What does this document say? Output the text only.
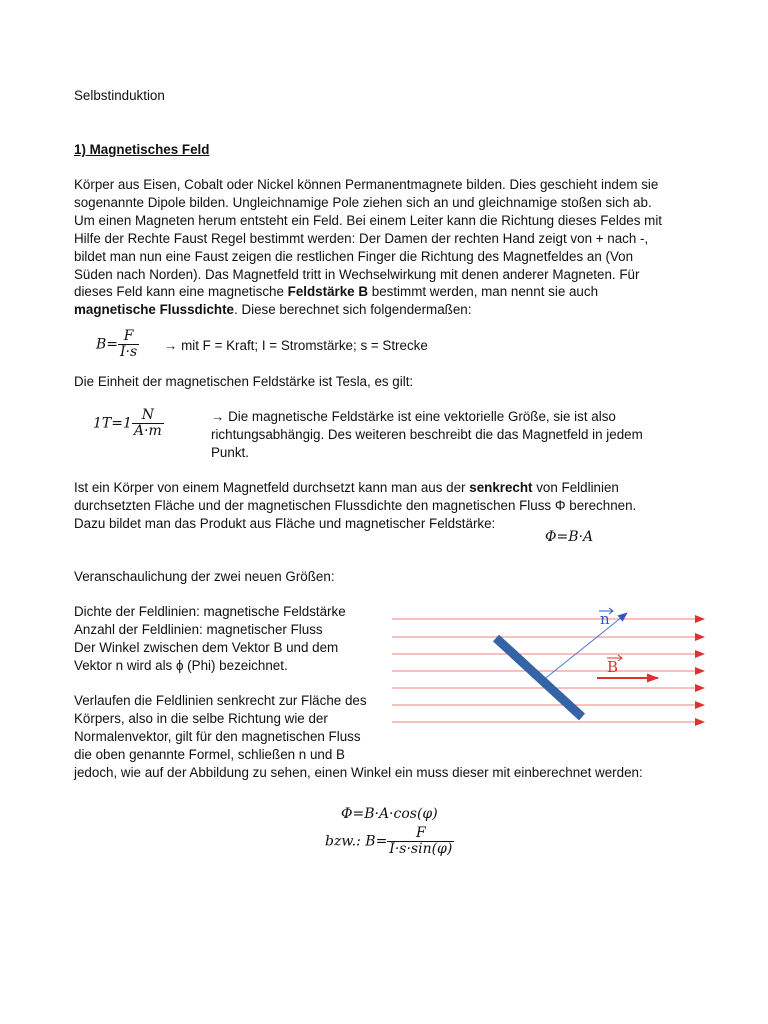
Selbstinduktion

1) Magnetisches Feld

Körper aus Eisen, Cobalt oder Nickel können Permanentmagnete bilden. Dies geschieht indem sie
sogenannte Dipole bilden. Ungleichnamige Pole ziehen sich an und gleichnamige stoßen sich ab.
Um einen Magneten herum entsteht ein Feld. Bei einem Leiter kann die Richtung dieses Feldes mit
Hilfe der Rechte Faust Regel bestimmt werden: Der Damen der rechten Hand zeigt von + nach -,
bildet man nun eine Faust zeigen die restlichen Finger die Richtung des Magnetfeldes an (Von
Süden nach Norden). Das Magnetfeld tritt in Wechselwirkung mit denen anderer Magneten. Für
dieses Feld kann eine magnetische Feldstärke B bestimmt werden, man nennt sie auch
magnetische Flussdichte. Diese berechnet sich folgendermaßen:
$B= \frac{F}{I\cdot s}$ → mit F = Kraft; I = Stromstärke; s = Strecke

Die Einheit der magnetischen Feldstärke ist Tesla, es gilt:

$1T=1 \frac{N}{A\cdot m}$	→ Die magnetische Feldstärke ist eine vektorielle Größe, sie ist also
richtungsabhängig. Des weiteren beschreibt die das Magnetfeld in jedem
Punkt.
Ist ein Körper von einem Magnetfeld durchsetzt kann man aus der senkrecht von Feldlinien
durchsetzten Fläche und der magnetischen Flussdichte den magnetischen Fluss Φ berechnen.
Dazu bildet man das Produkt aus Fläche und magnetischer Feldstärke:
Φ=B·A

Veranschaulichung der zwei neuen Größen:

Dichte der Feldlinien: magnetische Feldstärke
Anzahl der Feldlinien: magnetischer Fluss
Der Winkel zwischen dem Vektor B und dem
Vektor n wird als ϕ (Phi) bezeichnet.
Verlaufen die Feldlinien senkrecht zur Fläche des
Körpers, also in die selbe Richtung wie der
Normalenvektor, gilt für den magnetischen Fluss
die oben genannte Formel, schließen n und B
jedoch, wie auf der Abbildung zu sehen, einen Winkel ein muss dieser mit einberechnet werden:
n
B
Φ=B·A·cos(φ)
bzw.: $B= \frac{F}{I\cdot s\cdot\sin(\varphi)}$
